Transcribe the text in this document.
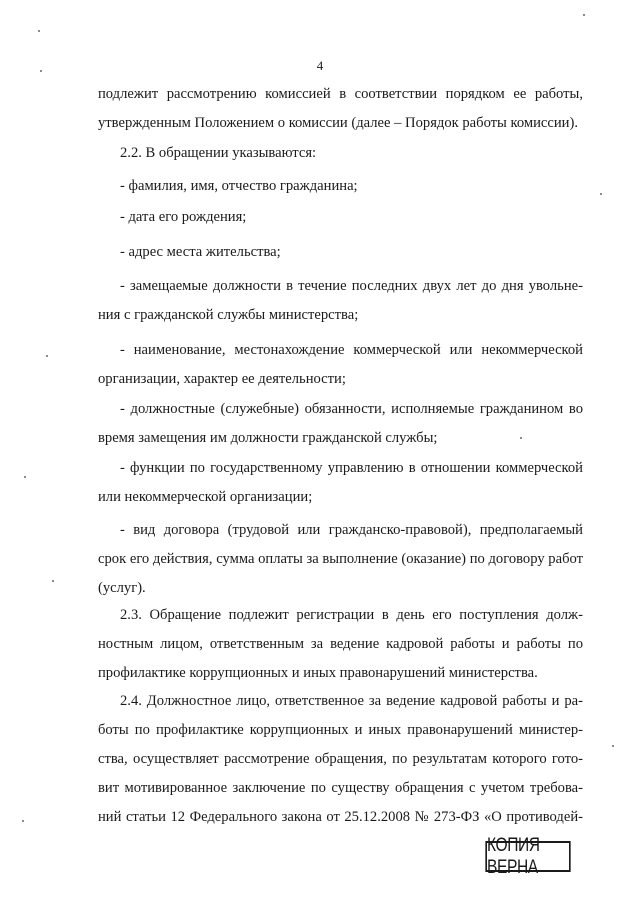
4
подлежит рассмотрению комиссией в соответствии порядком ее работы,
утвержденным Положением о комиссии (далее – Порядок работы комиссии).
2.2. В обращении указываются:
- фамилия, имя, отчество гражданина;
- дата его рождения;
- адрес места жительства;
- замещаемые должности в течение последних двух лет до дня увольне-
ния с гражданской службы министерства;
- наименование, местонахождение коммерческой или некоммерческой
организации, характер ее деятельности;
- должностные (служебные) обязанности, исполняемые гражданином во
время замещения им должности гражданской службы;
- функции по государственному управлению в отношении коммерческой
или некоммерческой организации;
- вид договора (трудовой или гражданско-правовой), предполагаемый
срок его действия, сумма оплаты за выполнение (оказание) по договору работ
(услуг).
2.3. Обращение подлежит регистрации в день его поступления долж-
ностным лицом, ответственным за ведение кадровой работы и работы по
профилактике коррупционных и иных правонарушений министерства.
2.4. Должностное лицо, ответственное за ведение кадровой работы и ра-
боты по профилактике коррупционных и иных правонарушений министер-
ства, осуществляет рассмотрение обращения, по результатам которого гото-
вит мотивированное заключение по существу обращения с учетом требова-
ний статьи 12 Федерального закона от 25.12.2008 № 273-ФЗ «О противодей-
КОПИЯ ВЕРНА
